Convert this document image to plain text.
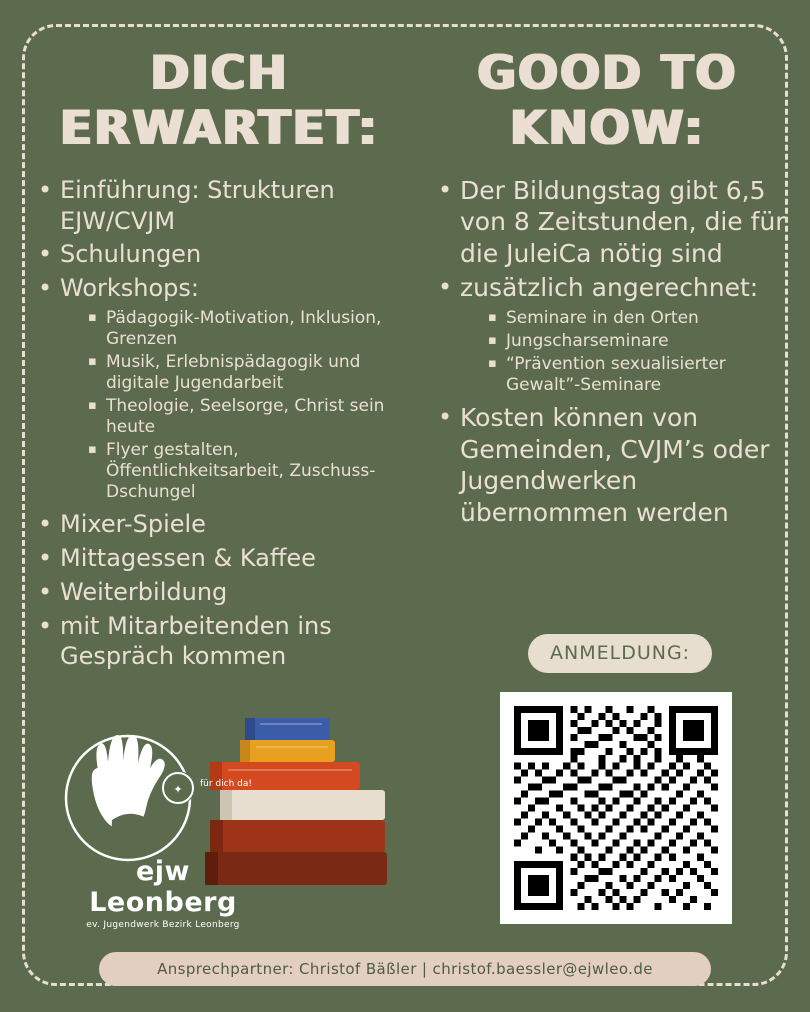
DICH ERWARTET:
• Einführung: Strukturen EJW/CVJM
• Schulungen
• Workshops:
▪ Pädagogik-Motivation, Inklusion, Grenzen
▪ Musik, Erlebnispädagogik und digitale Jugendarbeit
▪ Theologie, Seelsorge, Christ sein heute
▪ Flyer gestalten, Öffentlichkeitsarbeit, Zuschuss-Dschungel
• Mixer-Spiele
• Mittagessen & Kaffee
• Weiterbildung
• mit Mitarbeitenden ins Gespräch kommen
GOOD TO KNOW:
• Der Bildungstag gibt 6,5 von 8 Zeitstunden, die für die JuleiCa nötig sind
• zusätzlich angerechnet:
▪ Seminare in den Orten
▪ Jungscharseminare
▪ “Prävention sexualisierter Gewalt”-Seminare
• Kosten können von Gemeinden, CVJM’s oder Jugendwerken übernommen werden
ANMELDUNG:
✦ für dich da!
ejw Leonberg
ev. Jugendwerk Bezirk Leonberg
Ansprechpartner: Christof Bäßler | christof.baessler@ejwleo.de
